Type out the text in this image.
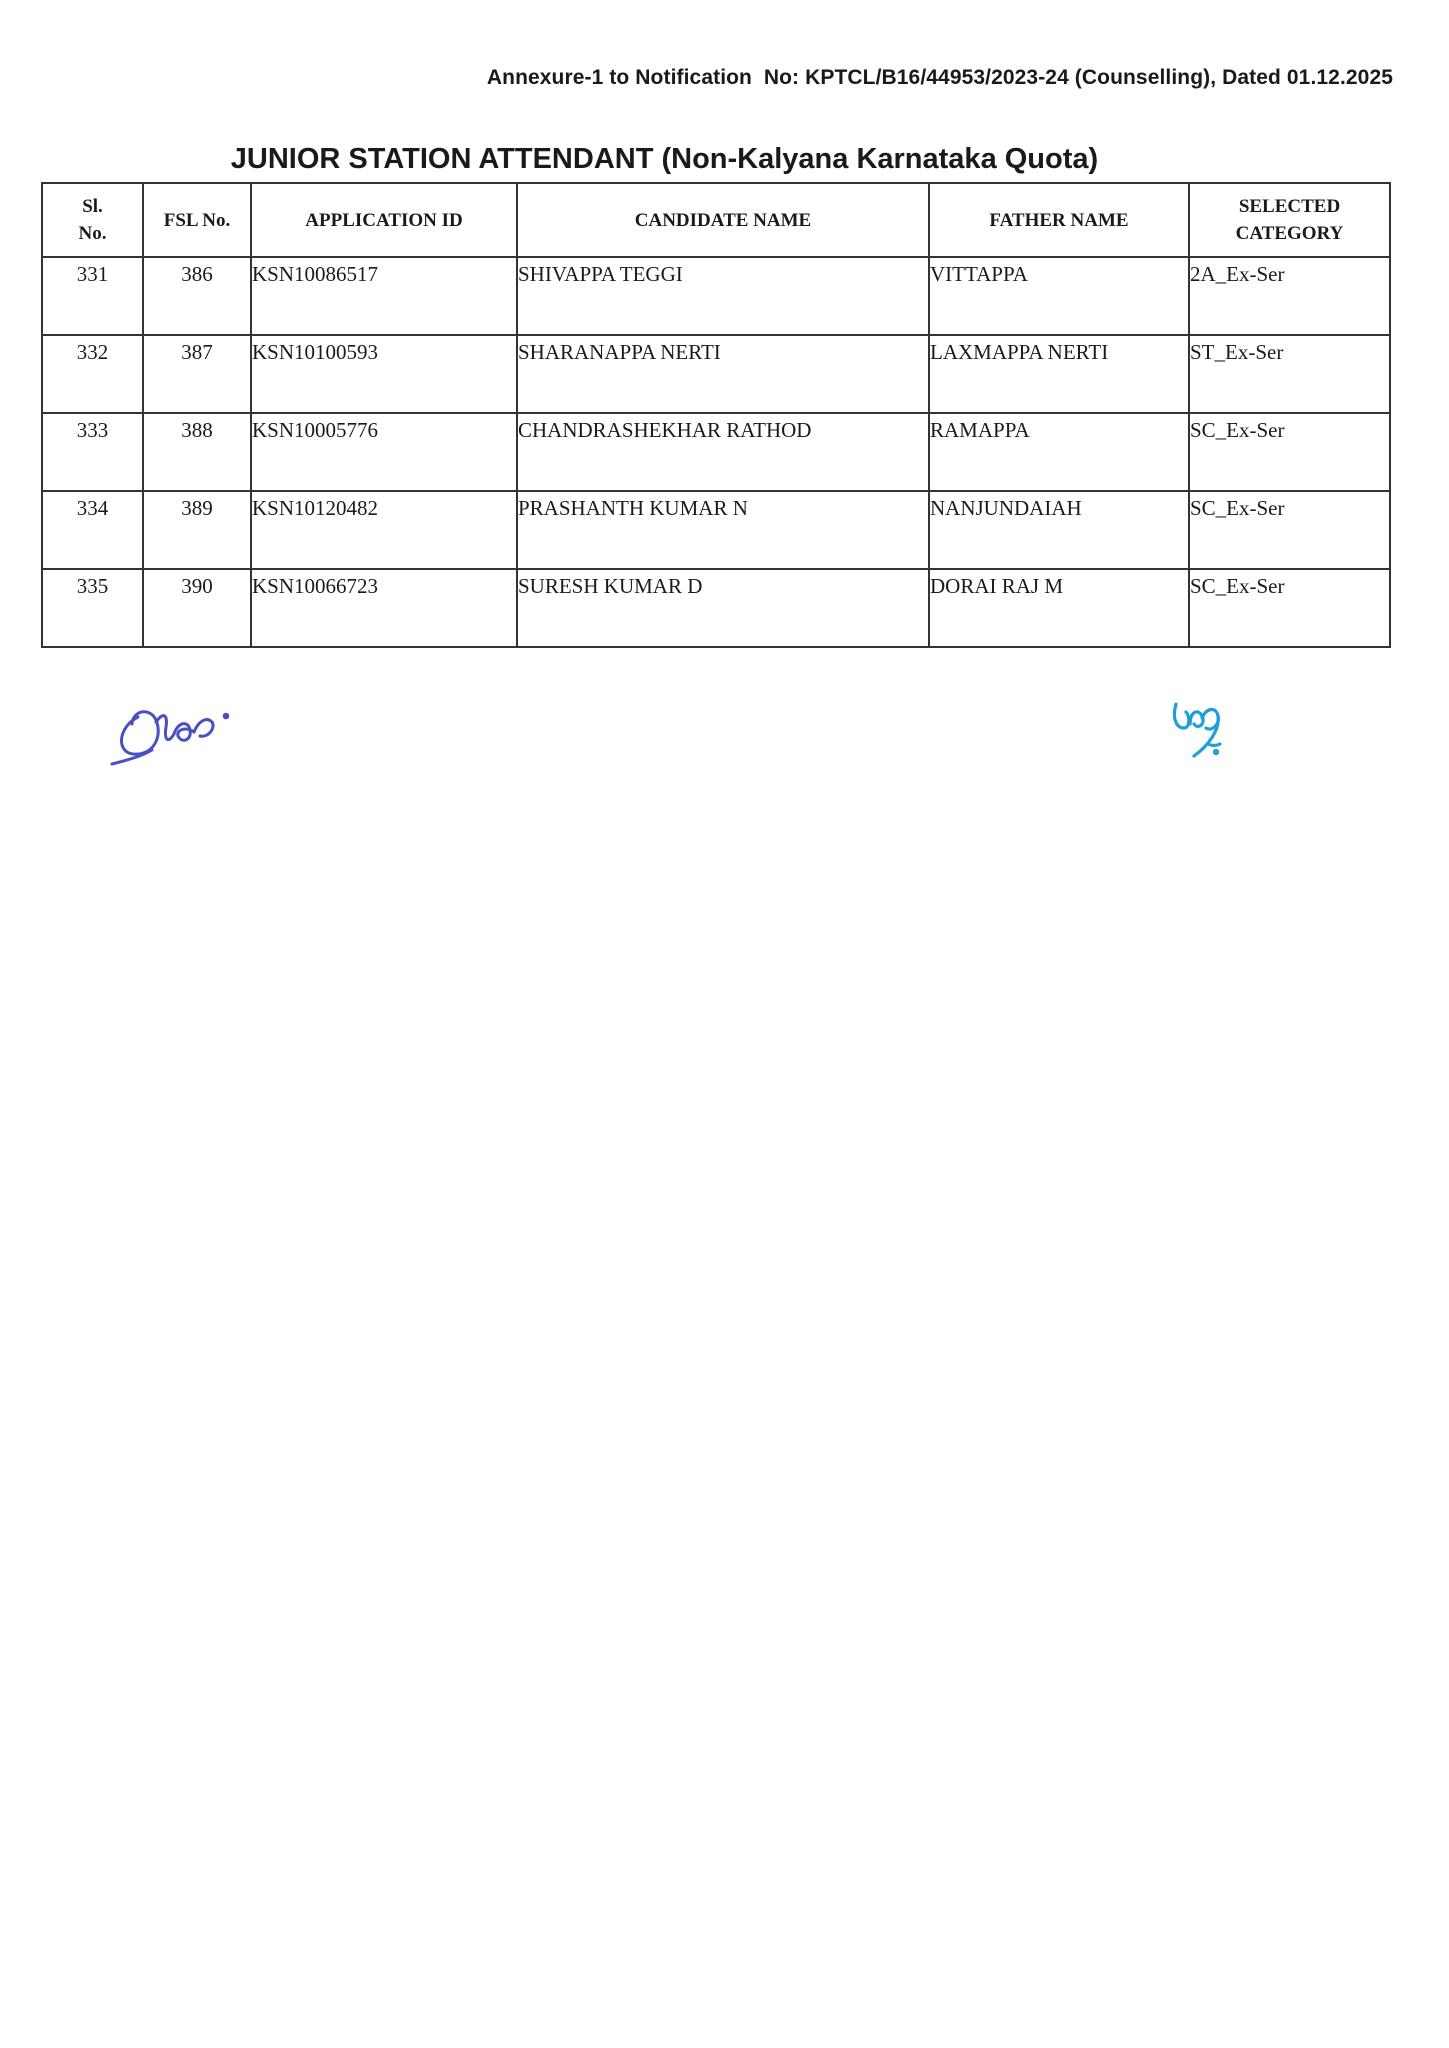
Annexure-1 to Notification  No: KPTCL/B16/44953/2023-24 (Counselling), Dated 01.12.2025
JUNIOR STATION ATTENDANT (Non-Kalyana Karnataka Quota)
Sl.
No.	FSL No.	APPLICATION ID	CANDIDATE NAME	FATHER NAME	SELECTED
CATEGORY
331	386	KSN10086517	SHIVAPPA TEGGI	VITTAPPA	2A_Ex-Ser
332	387	KSN10100593	SHARANAPPA NERTI	LAXMAPPA NERTI	ST_Ex-Ser
333	388	KSN10005776	CHANDRASHEKHAR RATHOD	RAMAPPA	SC_Ex-Ser
334	389	KSN10120482	PRASHANTH KUMAR N	NANJUNDAIAH	SC_Ex-Ser
335	390	KSN10066723	SURESH KUMAR D	DORAI RAJ M	SC_Ex-Ser
